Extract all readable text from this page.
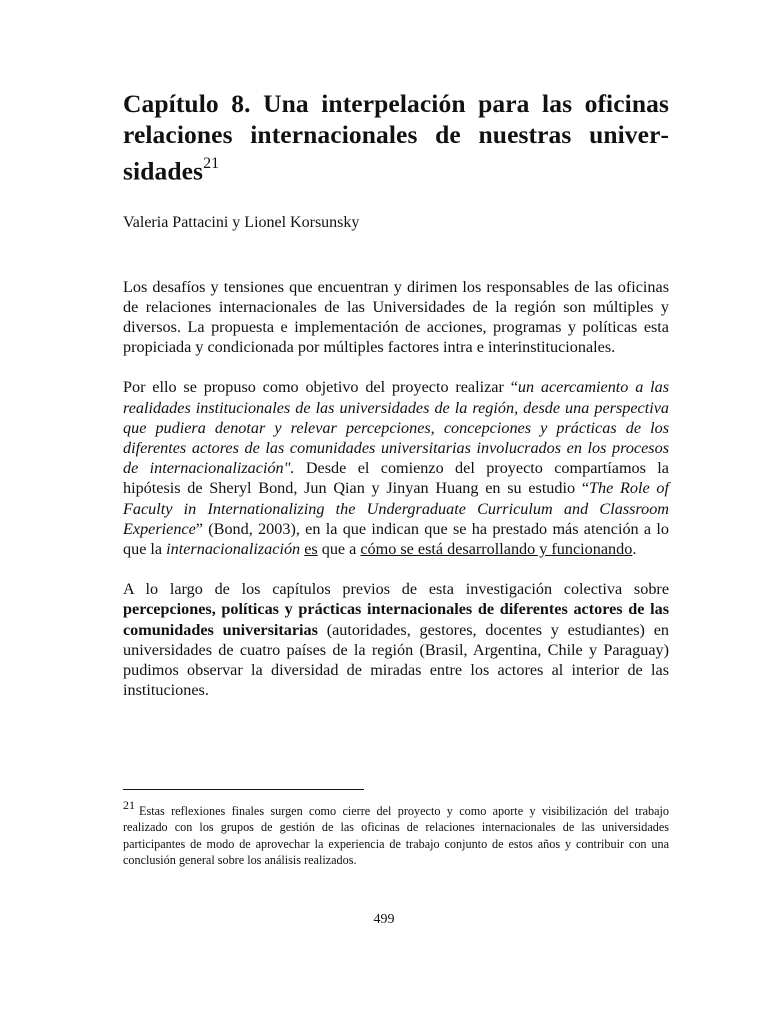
Capítulo 8. Una interpelación para las oficinas relaciones internacionales de nuestras universidades$^{21}$
Valeria Pattacini y Lionel Korsunsky

Los desafíos y tensiones que encuentran y dirimen los responsables de las oficinas de relaciones internacionales de las Universidades de la región son múltiples y diversos. La propuesta e implementación de acciones, programas y políticas esta propiciada y condicionada por múltiples factores intra e interinstitucionales.

Por ello se propuso como objetivo del proyecto realizar “un acercamiento a las realidades institucionales de las universidades de la región, desde una perspectiva que pudiera denotar y relevar percepciones, concepciones y prácticas de los diferentes actores de las comunidades universitarias involucrados en los procesos de internacionalización". Desde el comienzo del proyecto compartíamos la hipótesis de Sheryl Bond, Jun Qian y Jinyan Huang en su estudio “The Role of Faculty in Internationalizing the Undergraduate Curriculum and Classroom Experience” (Bond, 2003), en la que indican que se ha prestado más atención a lo que la internacionalización es que a cómo se está desarrollando y funcionando.

A lo largo de los capítulos previos de esta investigación colectiva sobre percepciones, políticas y prácticas internacionales de diferentes actores de las comunidades universitarias (autoridades, gestores, docentes y estudiantes) en universidades de cuatro países de la región (Brasil, Argentina, Chile y Paraguay) pudimos observar la diversidad de miradas entre los actores al interior de las instituciones.

$^{21}$ Estas reflexiones finales surgen como cierre del proyecto y como aporte y visibilización del trabajo realizado con los grupos de gestión de las oficinas de relaciones internacionales de las universidades participantes de modo de aprovechar la experiencia de trabajo conjunto de estos años y contribuir con una conclusión general sobre los análisis realizados.
499
